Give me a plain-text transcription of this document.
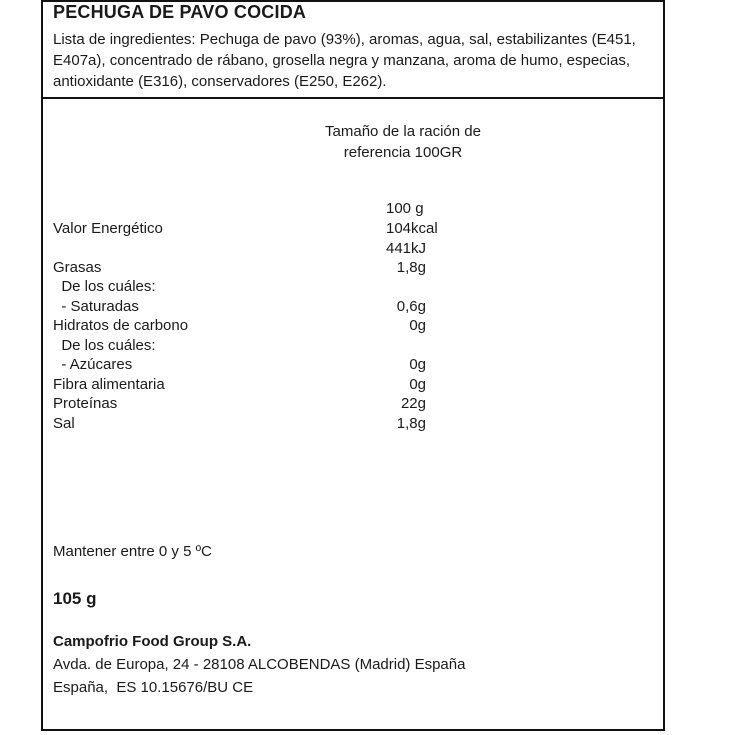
PECHUGA DE PAVO COCIDA
Lista de ingredientes: Pechuga de pavo (93%), aromas, agua, sal, estabilizantes (E451, E407a), concentrado de rábano, grosella negra y manzana, aroma de humo, especias, antioxidante (E316), conservadores (E250, E262).
Tamaño de la ración de
referencia 100GR
100 g
Valor Energético	104kcal
441kJ
Grasas	1,8g
De los cuáles:
- Saturadas	0,6g
Hidratos de carbono	0g
De los cuáles:
- Azúcares	0g
Fibra alimentaria	0g
Proteínas	22g
Sal	1,8g
Mantener entre 0 y 5 ºC
105 g
Campofrio Food Group S.A.
Avda. de Europa, 24 - 28108 ALCOBENDAS (Madrid) España
España,  ES 10.15676/BU CE
